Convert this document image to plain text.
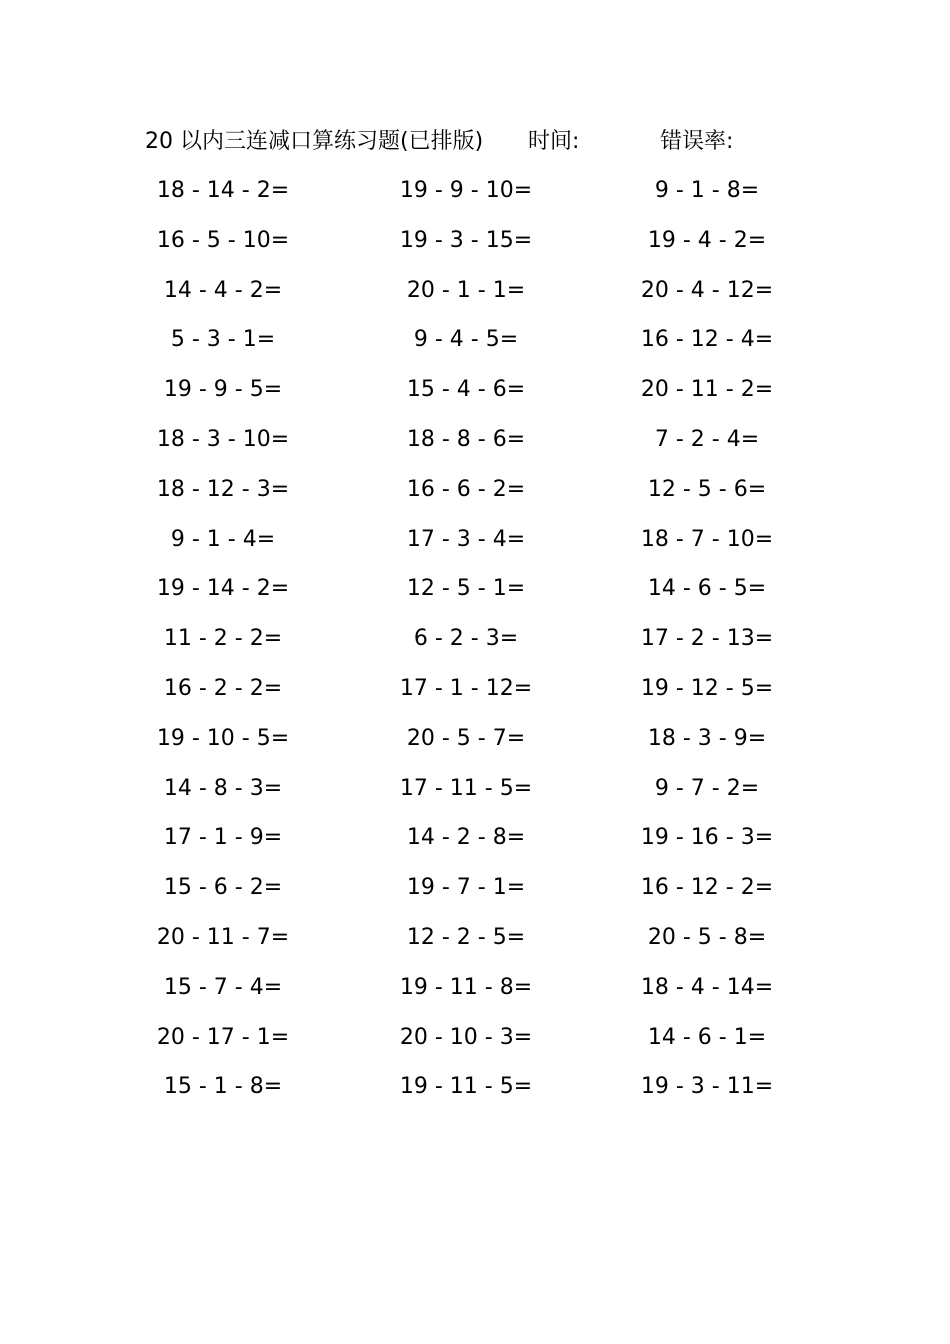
20 以内三连减口算练习题(已排版) 时间:	错误率:
18 - 14 - 2=	19 - 9 - 10=	9 - 1 - 8=
16 - 5 - 10=	19 - 3 - 15=	19 - 4 - 2=
14 - 4 - 2=	20 - 1 - 1=	20 - 4 - 12=
5 - 3 - 1=	9 - 4 - 5=	16 - 12 - 4=
19 - 9 - 5=	15 - 4 - 6=	20 - 11 - 2=
18 - 3 - 10=	18 - 8 - 6=	7 - 2 - 4=
18 - 12 - 3=	16 - 6 - 2=	12 - 5 - 6=
9 - 1 - 4=	17 - 3 - 4=	18 - 7 - 10=
19 - 14 - 2=	12 - 5 - 1=	14 - 6 - 5=
11 - 2 - 2=	6 - 2 - 3=	17 - 2 - 13=
16 - 2 - 2=	17 - 1 - 12=	19 - 12 - 5=
19 - 10 - 5=	20 - 5 - 7=	18 - 3 - 9=
14 - 8 - 3=	17 - 11 - 5=	9 - 7 - 2=
17 - 1 - 9=	14 - 2 - 8=	19 - 16 - 3=
15 - 6 - 2=	19 - 7 - 1=	16 - 12 - 2=
20 - 11 - 7=	12 - 2 - 5=	20 - 5 - 8=
15 - 7 - 4=	19 - 11 - 8=	18 - 4 - 14=
20 - 17 - 1=	20 - 10 - 3=	14 - 6 - 1=
15 - 1 - 8=	19 - 11 - 5=	19 - 3 - 11=
